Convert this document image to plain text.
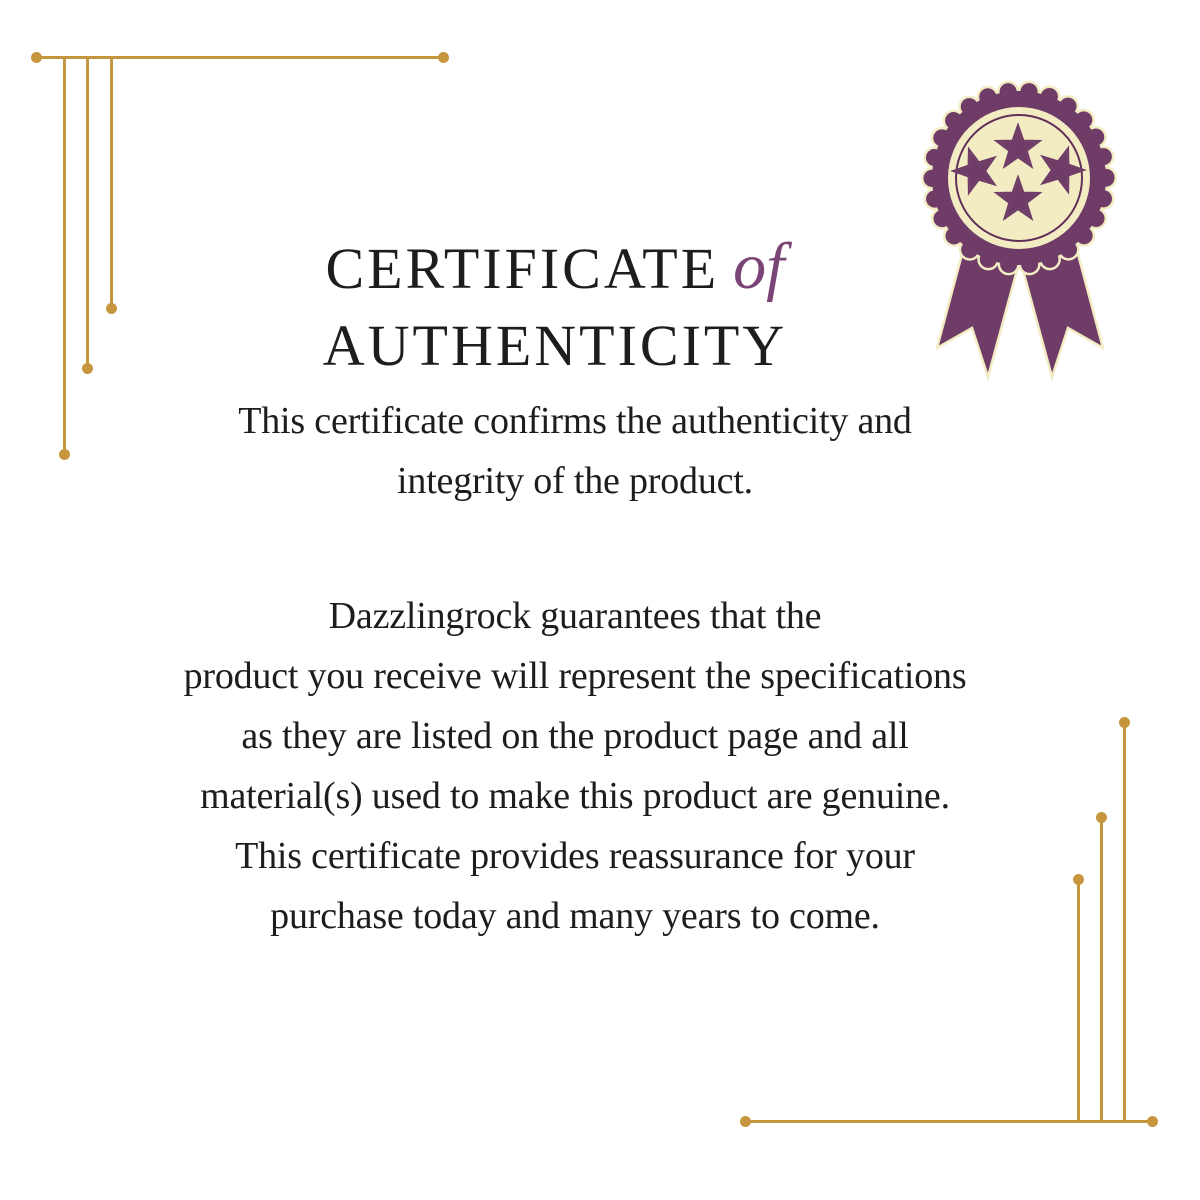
CERTIFICATE of
AUTHENTICITY
This certificate confirms the authenticity and
integrity of the product.
Dazzlingrock guarantees that the
product you receive will represent the specifications
as they are listed on the product page and all
material(s) used to make this product are genuine.
This certificate provides reassurance for your
purchase today and many years to come.
